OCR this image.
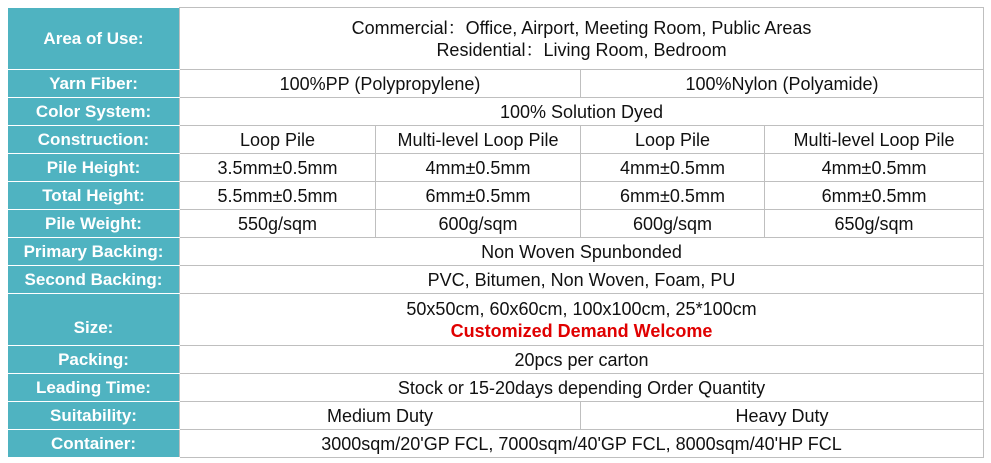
Area of Use:	Commercial：Office, Airport, Meeting Room, Public Areas
Residential：Living Room, Bedroom			

Yarn Fiber:	100%PP (Polypropylene)		100%Nylon (Polyamide)	
Color System:	100% Solution Dyed			
Construction:	Loop Pile	Multi-level Loop Pile	Loop Pile	Multi-level Loop Pile
Pile Height:	3.5mm±0.5mm	4mm±0.5mm	4mm±0.5mm	4mm±0.5mm
Total Height:	5.5mm±0.5mm	6mm±0.5mm	6mm±0.5mm	6mm±0.5mm
Pile Weight:	550g/sqm	600g/sqm	600g/sqm	650g/sqm
Primary Backing:	Non Woven Spunbonded			
Second Backing:	PVC, Bitumen, Non Woven, Foam, PU			
Size:	50x50cm, 60x60cm, 100x100cm, 25*100cm
Customized Demand Welcome			

Packing:	20pcs per carton			
Leading Time:	Stock or 15-20days depending Order Quantity			
Suitability:	Medium Duty		Heavy Duty	
Container:	3000sqm/20'GP FCL, 7000sqm/40'GP FCL, 8000sqm/40'HP FCL			
